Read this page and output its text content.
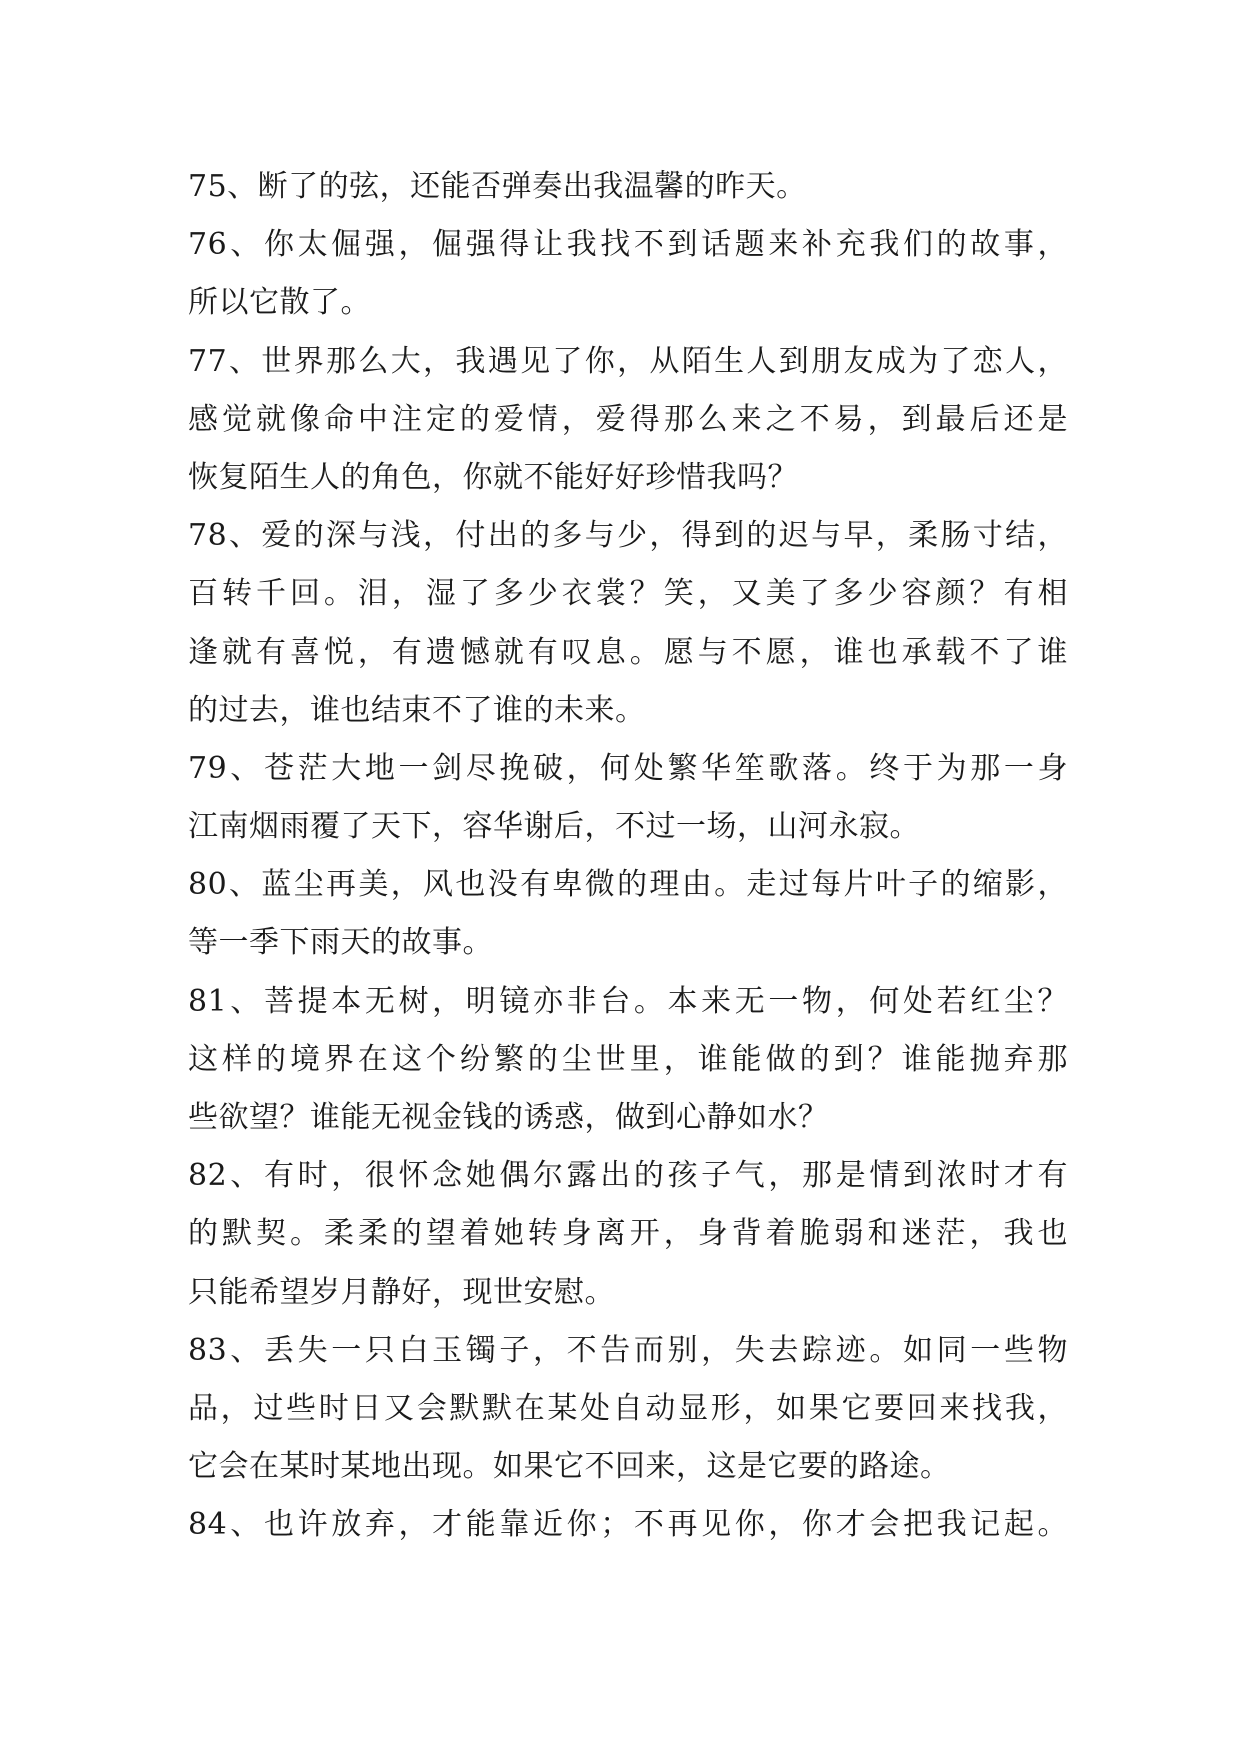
75、断了的弦，还能否弹奏出我温馨的昨天。
76、你太倔强，倔强得让我找不到话题来补充我们的故事，
所以它散了。
77、世界那么大，我遇见了你，从陌生人到朋友成为了恋人，
感觉就像命中注定的爱情，爱得那么来之不易，到最后还是
恢复陌生人的角色，你就不能好好珍惜我吗？
78、爱的深与浅，付出的多与少，得到的迟与早，柔肠寸结，
百转千回。泪，湿了多少衣裳？笑，又美了多少容颜？有相
逢就有喜悦，有遗憾就有叹息。愿与不愿，谁也承载不了谁
的过去，谁也结束不了谁的未来。
79、苍茫大地一剑尽挽破，何处繁华笙歌落。终于为那一身
江南烟雨覆了天下，容华谢后，不过一场，山河永寂。
80、蓝尘再美，风也没有卑微的理由。走过每片叶子的缩影，
等一季下雨天的故事。
81、菩提本无树，明镜亦非台。本来无一物，何处若红尘？
这样的境界在这个纷繁的尘世里，谁能做的到？谁能抛弃那
些欲望？谁能无视金钱的诱惑，做到心静如水？
82、有时，很怀念她偶尔露出的孩子气，那是情到浓时才有
的默契。柔柔的望着她转身离开，身背着脆弱和迷茫，我也
只能希望岁月静好，现世安慰。
83、丢失一只白玉镯子，不告而别，失去踪迹。如同一些物
品，过些时日又会默默在某处自动显形，如果它要回来找我，
它会在某时某地出现。如果它不回来，这是它要的路途。
84、也许放弃，才能靠近你；不再见你，你才会把我记起。
